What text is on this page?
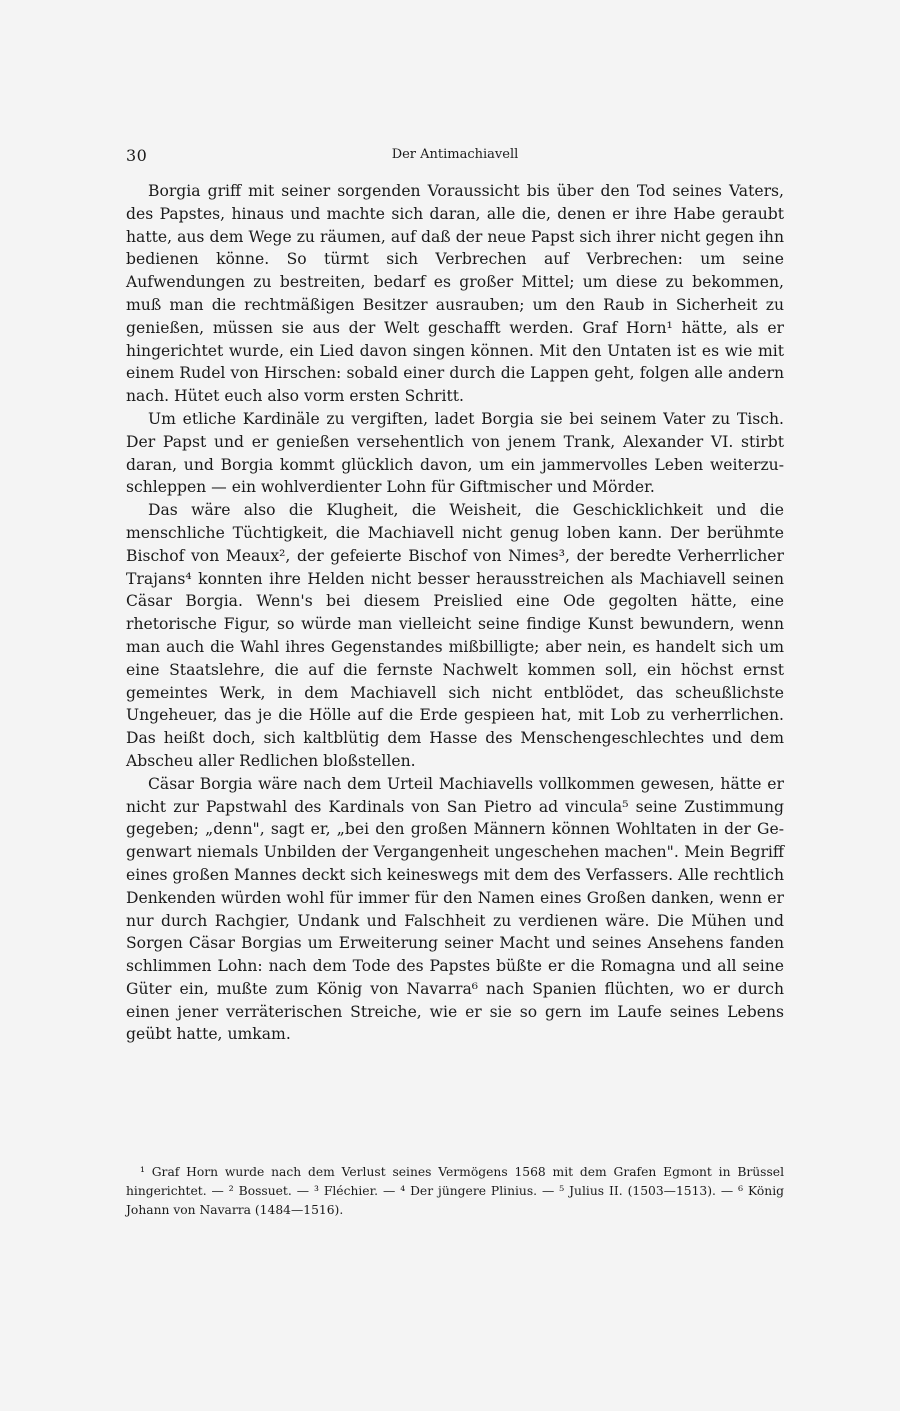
30	Der Antimachiavell

Borgia griff mit seiner sorgenden Voraussicht bis über den Tod seines Vaters, des Papstes, hinaus und machte sich daran, alle die, denen er ihre Habe geraubt hatte, aus dem Wege zu räumen, auf daß der neue Papst sich ihrer nicht gegen ihn bedienen könne. So türmt sich Verbrechen auf Verbrechen: um seine Aufwendungen zu bestreiten, bedarf es großer Mittel; um diese zu bekommen, muß man die rechtmäßigen Besitzer ausrauben; um den Raub in Sicherheit zu genießen, müssen sie aus der Welt geschafft werden. Graf Horn¹ hätte, als er hingerichtet wurde, ein Lied davon singen können. Mit den Untaten ist es wie mit einem Rudel von Hirschen: sobald einer durch die Lappen geht, folgen alle andern nach. Hütet euch also vorm ersten Schritt.

Um etliche Kardinäle zu vergiften, ladet Borgia sie bei seinem Vater zu Tisch. Der Papst und er genießen versehentlich von jenem Trank, Alexander VI. stirbt daran, und Borgia kommt glücklich davon, um ein jammervolles Leben weiterzuschleppen — ein wohlverdienter Lohn für Giftmischer und Mörder.

Das wäre also die Klugheit, die Weisheit, die Geschicklichkeit und die menschliche Tüchtigkeit, die Machiavell nicht genug loben kann. Der berühmte Bischof von Meaux², der gefeierte Bischof von Nimes³, der beredte Verherrlicher Trajans⁴ konnten ihre Helden nicht besser herausstreichen als Machiavell seinen Cäsar Borgia. Wenn's bei diesem Preislied eine Ode gegolten hätte, eine rhetorische Figur, so würde man vielleicht seine findige Kunst bewundern, wenn man auch die Wahl ihres Gegenstandes mißbilligte; aber nein, es handelt sich um eine Staatslehre, die auf die fernste Nachwelt kommen soll, ein höchst ernst gemeintes Werk, in dem Machiavell sich nicht entblödet, das scheußlichste Ungeheuer, das je die Hölle auf die Erde gespieen hat, mit Lob zu verherrlichen. Das heißt doch, sich kaltblütig dem Hasse des Menschengeschlechtes und dem Abscheu aller Redlichen bloßstellen.

Cäsar Borgia wäre nach dem Urteil Machiavells vollkommen gewesen, hätte er nicht zur Papstwahl des Kardinals von San Pietro ad vincula⁵ seine Zustimmung gegeben; „denn", sagt er, „bei den großen Männern können Wohltaten in der Gegenwart niemals Unbilden der Vergangenheit ungeschehen machen". Mein Begriff eines großen Mannes deckt sich keineswegs mit dem des Verfassers. Alle rechtlich Denkenden würden wohl für immer für den Namen eines Großen danken, wenn er nur durch Rachgier, Undank und Falschheit zu verdienen wäre. Die Mühen und Sorgen Cäsar Borgias um Erweiterung seiner Macht und seines Ansehens fanden schlimmen Lohn: nach dem Tode des Papstes büßte er die Romagna und all seine Güter ein, mußte zum König von Navarra⁶ nach Spanien flüchten, wo er durch einen jener verräterischen Streiche, wie er sie so gern im Laufe seines Lebens geübt hatte, umkam.

¹ Graf Horn wurde nach dem Verlust seines Vermögens 1568 mit dem Grafen Egmont in Brüssel hingerichtet. — ² Bossuet. — ³ Fléchier. — ⁴ Der jüngere Plinius. — ⁵ Julius II. (1503—1513). — ⁶ König Johann von Navarra (1484—1516).
